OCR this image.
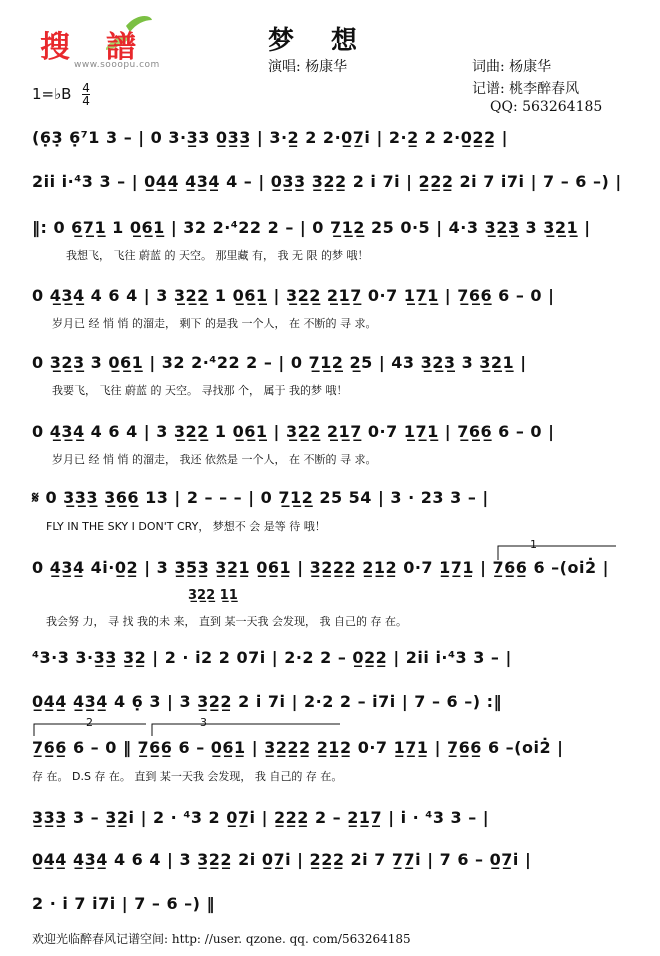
搜 譜
www.sooopu.com
梦 想
演唱: 杨康华	词曲: 杨康华
记谱: 桃李醉春风
QQ: 563264185
1=♭B $\frac{4}{4}$
(6̣3̣ 6̣⁷1 3 – | 0 3·3̲3 0̲3̲3̲ | 3·2̲ 2 2·0̲7̲i̇ | 2·2̲ 2 2·0̲2̲2̲ |
2i̇i̇ i̇·⁴3 3 – | 0̲4̲4̲ 4̲3̲4̲ 4 – | 0̲3̲3̲ 3̲2̲2̲ 2 i̇ 7i̇ | 2̲2̲2̲ 2i̇ 7 i̇7i̇ | 7 – 6 –) |
‖: 0 6̲7̲1̲ 1 0̲6̲1̲ | 32 2·⁴22 2 – | 0 7̲1̲2̲ 25 0·5 | 4·3 3̲2̲3̲ 3 3̲2̲1̲ |
我想飞， 飞往 蔚蓝 的 天空。 那里藏 有， 我 无 限 的梦 哦！
0 4̲3̲4̲ 4 6 4 | 3 3̲2̲2̲ 1 0̲6̲1̲ | 3̲2̲2̲ 2̲1̲7̲ 0·7 1̲7̲1̲ | 7̲6̲6̲ 6 – 0 |
岁月已 经 悄 悄 的溜走， 剩下 的是我 一个人， 在 不断的 寻 求。
0 3̲2̲3̲ 3 0̲6̲1̲ | 32 2·⁴22 2 – | 0 7̲1̲2̲ 2̲5 | 43 3̲2̲3̲ 3 3̲2̲1̲ |
我要飞， 飞往 蔚蓝 的 天空。 寻找那 个， 属于 我的梦 哦！
0 4̲3̲4̲ 4 6 4 | 3 3̲2̲2̲ 1 0̲6̲1̲ | 3̲2̲2̲ 2̲1̲7̲ 0·7 1̲7̲1̲ | 7̲6̲6̲ 6 – 0 |
岁月已 经 悄 悄 的溜走， 我还 依然是 一个人， 在 不断的 寻 求。
𝄋 0 3̲3̲3̲ 3̲6̲6̲ 13 | 2 – – – | 0 7̲1̲2̲ 25 54 | 3 · 23 3 – |
FLY IN THE SKY I DON'T CRY， 梦想不 会 是等 待 哦！
1
0 4̲3̲4̲ 4i̇·0̲2̲ | 3 3̲5̲3̲ 3̲2̲1̲ 0̲6̲1̲ | 3̲2̲2̲2̲ 2̲1̲2̲ 0·7 1̲7̲1̲ | 7̲6̲6̲ 6 –(oi̇2̇ |
3̲2̲2̲ 1̲1̲
我会努 力， 寻 找 我的未 来， 直到 某一天我 会发现， 我 自己的 存 在。
⁴3·3 3·3̲3̲ 3̲2̲ | 2 · i̇2 2 07i̇ | 2·2 2 – 0̲2̲2̲ | 2i̇i̇ i̇·⁴3 3 – |
0̲4̲4̲ 4̲3̲4̲ 4 6̣ 3 | 3 3̲2̲2̲ 2 i̇ 7i̇ | 2·2 2 – i̇7i̇ | 7 – 6 –) :‖
2	3
7̲6̲6̲ 6 – 0 ‖ 7̲6̲6̲ 6 – 0̲6̲1̲ | 3̲2̲2̲2̲ 2̲1̲2̲ 0·7 1̲7̲1̲ | 7̲6̲6̲ 6 –(oi̇2̇ |
存 在。 D.S 存 在。 直到 某一天我 会发现， 我 自己的 存 在。
3̲3̲3̲ 3 – 3̲2̲i̇ | 2 · ⁴3 2 0̲7̲i̇ | 2̲2̲2̲ 2 – 2̲1̲7̲ | i̇ · ⁴3 3 – |
0̲4̲4̲ 4̲3̲4̲ 4 6 4 | 3 3̲2̲2̲ 2i̇ 0̲7̲i̇ | 2̲2̲2̲ 2i̇ 7 7̲7̲i̇ | 7 6 – 0̲7̲i̇ |
2 · i̇ 7 i̇7i̇ | 7 – 6 –) ‖
欢迎光临醉春风记谱空间: http: //user. qzone. qq. com/563264185
